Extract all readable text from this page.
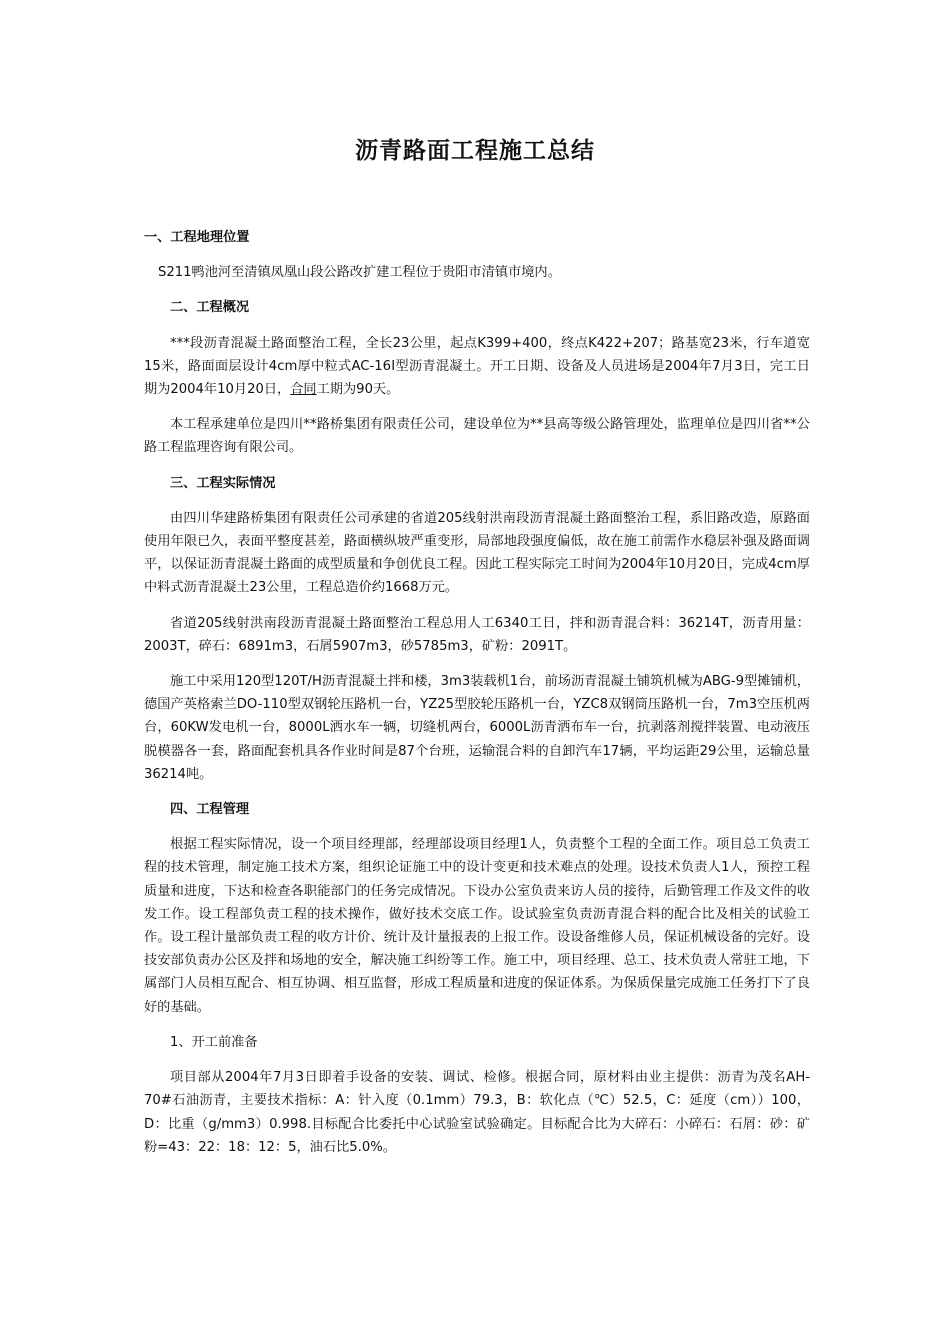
沥青路面工程施工总结
一、工程地理位置
S211鸭池河至清镇凤凰山段公路改扩建工程位于贵阳市清镇市境内。
二、工程概况
***段沥青混凝土路面整治工程，全长23公里，起点K399+400，终点K422+207；路基宽23米，行车道宽15米，路面面层设计4cm厚中粒式AC-16Ⅰ型沥青混凝土。开工日期、设备及人员进场是2004年7月3日，完工日期为2004年10月20日，合同工期为90天。
本工程承建单位是四川**路桥集团有限责任公司，建设单位为**县高等级公路管理处，监理单位是四川省**公路工程监理咨询有限公司。
三、工程实际情况
由四川华建路桥集团有限责任公司承建的省道205线射洪南段沥青混凝土路面整治工程，系旧路改造，原路面使用年限已久，表面平整度甚差，路面横纵坡严重变形，局部地段强度偏低，故在施工前需作水稳层补强及路面调平，以保证沥青混凝土路面的成型质量和争创优良工程。因此工程实际完工时间为2004年10月20日，完成4cm厚中料式沥青混凝土23公里，工程总造价约1668万元。
省道205线射洪南段沥青混凝土路面整治工程总用人工6340工日，拌和沥青混合料：36214T，沥青用量：2003T，碎石：6891m3，石屑5907m3，砂5785m3，矿粉：2091T。
施工中采用120型120T/H沥青混凝土拌和楼，3m3装载机1台，前场沥青混凝土铺筑机械为ABG-9型摊铺机，德国产英格索兰DO-110型双钢轮压路机一台，YZ25型胶轮压路机一台，YZC8双钢筒压路机一台，7m3空压机两台，60KW发电机一台，8000L洒水车一辆，切缝机两台，6000L沥青洒布车一台，抗剥落剂搅拌装置、电动液压脱模器各一套，路面配套机具各作业时间是87个台班，运输混合料的自卸汽车17辆，平均运距29公里，运输总量36214吨。
四、工程管理
根据工程实际情况，设一个项目经理部，经理部设项目经理1人，负责整个工程的全面工作。项目总工负责工程的技术管理，制定施工技术方案，组织论证施工中的设计变更和技术难点的处理。设技术负责人1人，预控工程质量和进度，下达和检查各职能部门的任务完成情况。下设办公室负责来访人员的接待，后勤管理工作及文件的收发工作。设工程部负责工程的技术操作，做好技术交底工作。设试验室负责沥青混合料的配合比及相关的试验工作。设工程计量部负责工程的收方计价、统计及计量报表的上报工作。设设备维修人员，保证机械设备的完好。设技安部负责办公区及拌和场地的安全，解决施工纠纷等工作。施工中，项目经理、总工、技术负责人常驻工地，下属部门人员相互配合、相互协调、相互监督，形成工程质量和进度的保证体系。为保质保量完成施工任务打下了良好的基础。
1、开工前准备
项目部从2004年7月3日即着手设备的安装、调试、检修。根据合同，原材料由业主提供：沥青为茂名AH-70#石油沥青，主要技术指标：A：针入度（0.1mm）79.3，B：软化点（℃）52.5，C：延度（cm））100，D：比重（g/mm3）0.998.目标配合比委托中心试验室试验确定。目标配合比为大碎石：小碎石：石屑：砂：矿粉=43：22：18：12：5，油石比5.0%。
